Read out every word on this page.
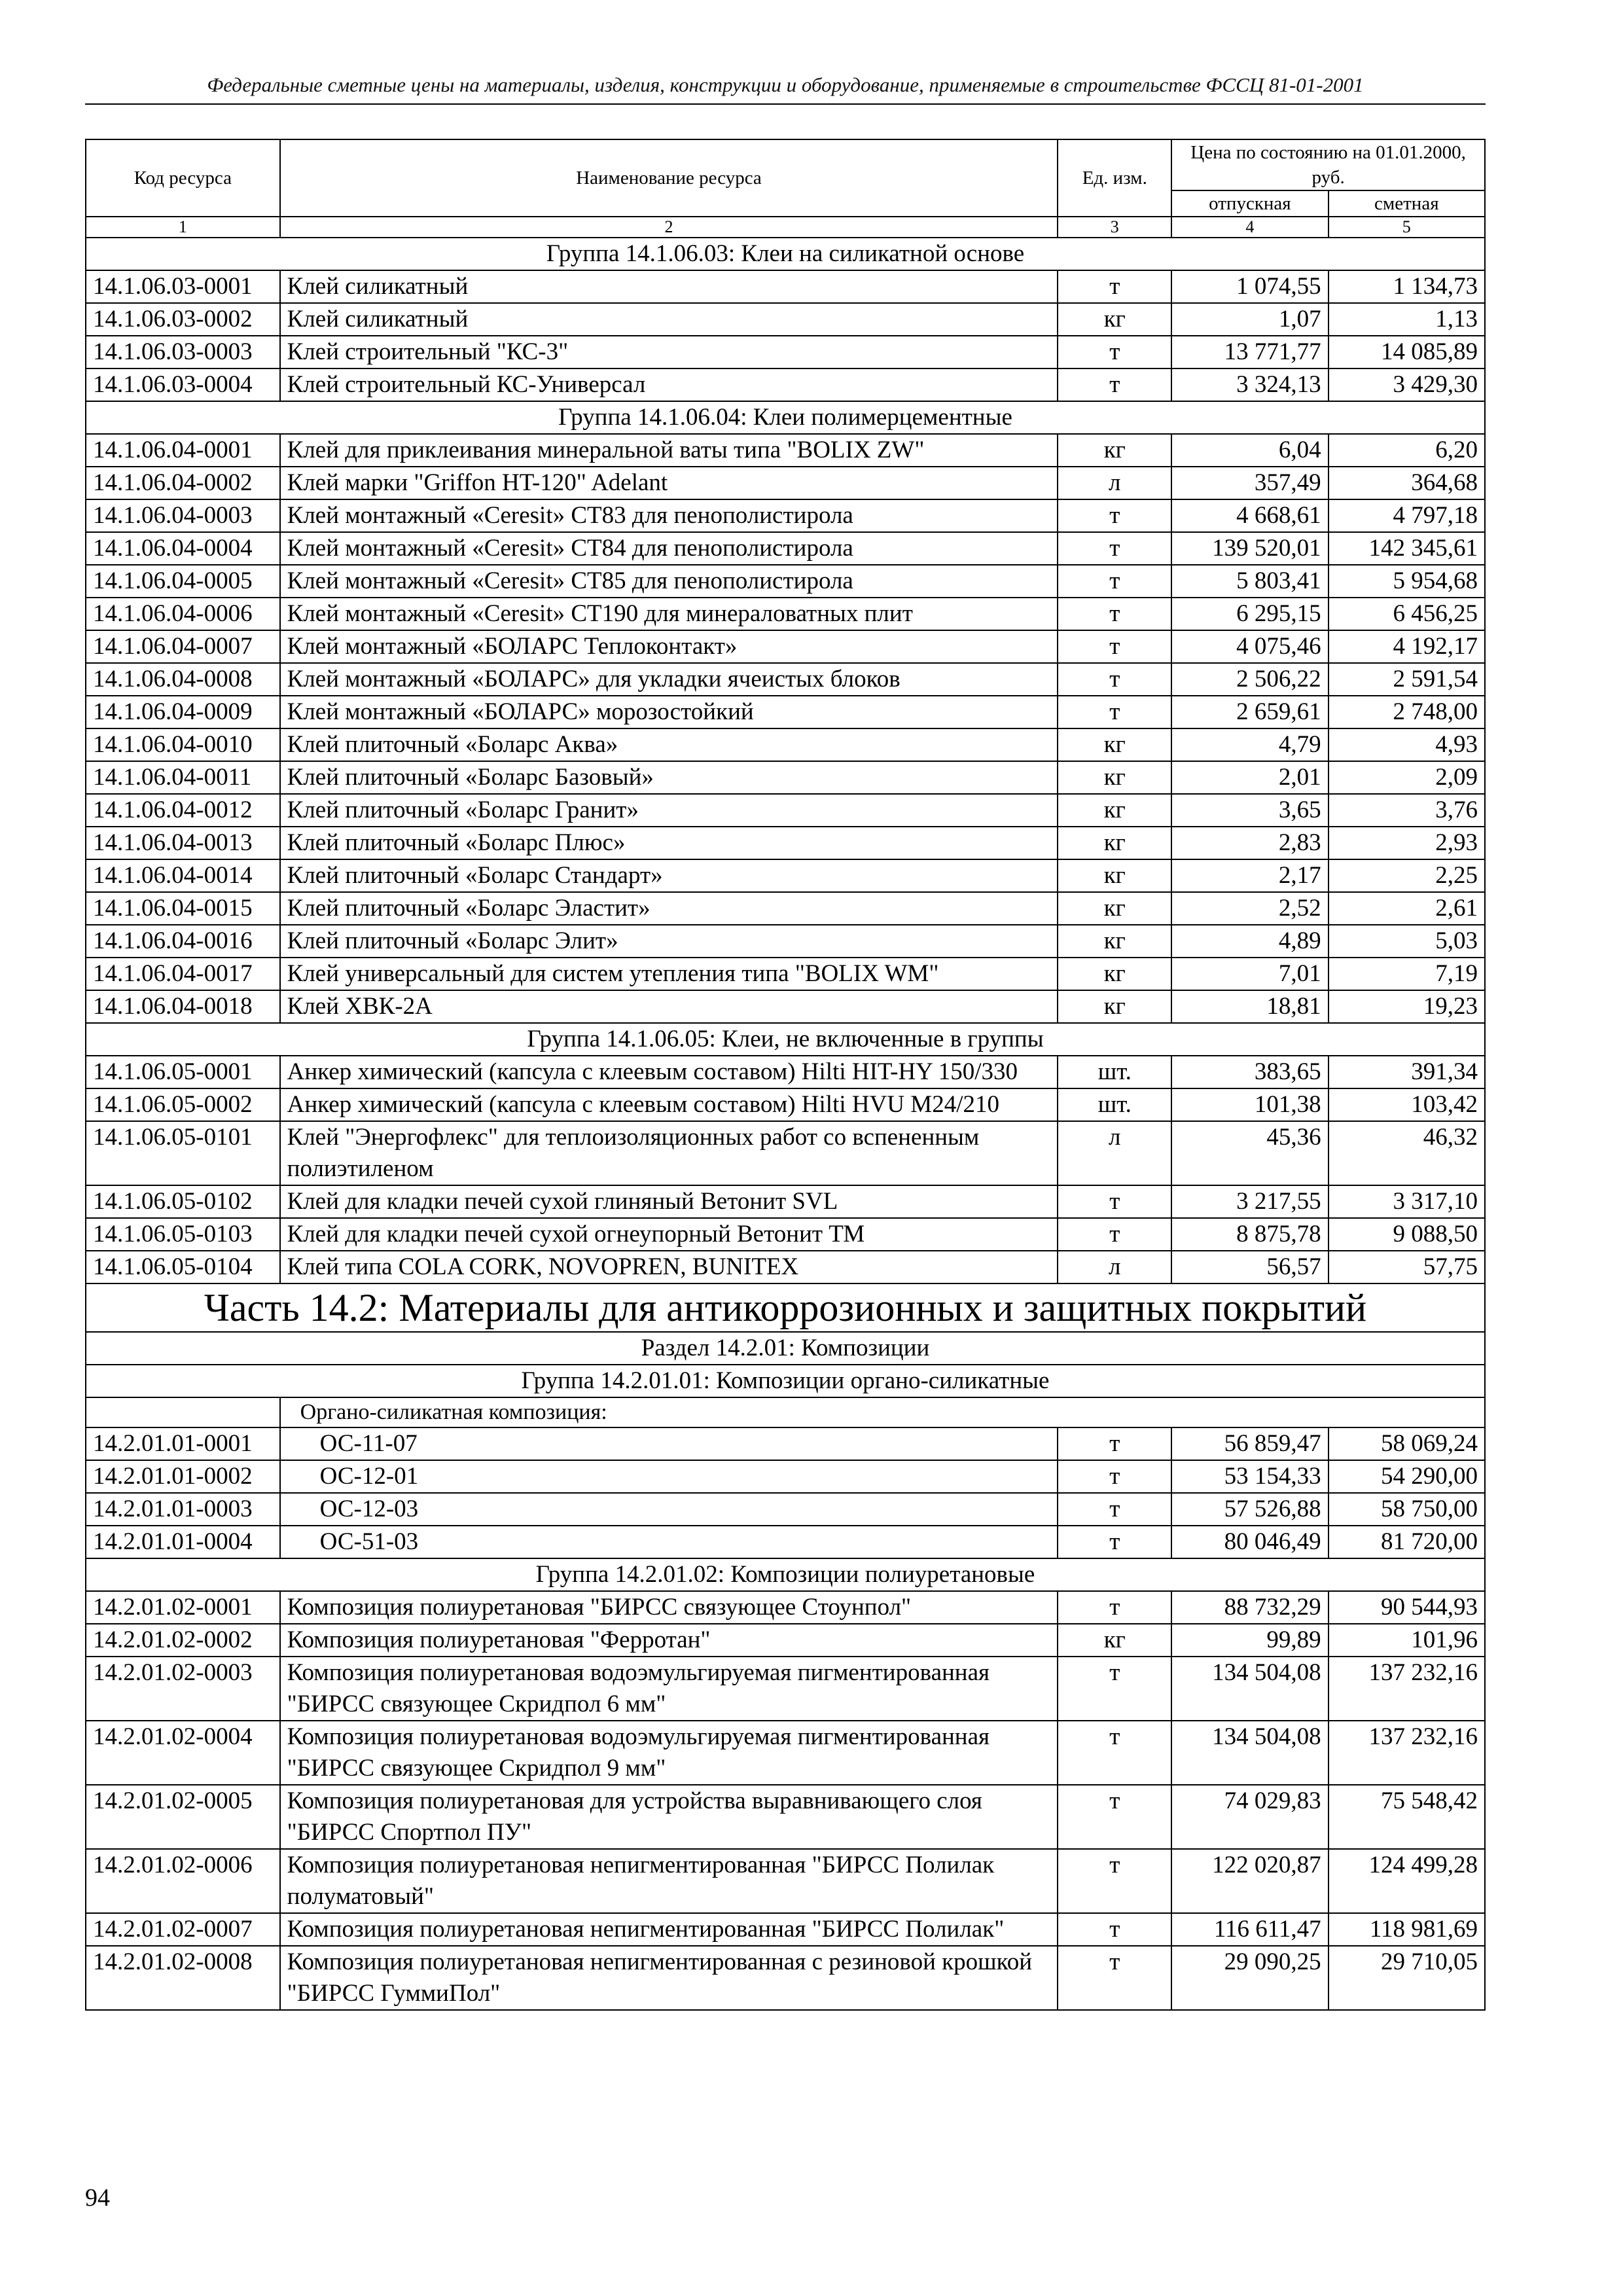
Федеральные сметные цены на материалы, изделия, конструкции и оборудование, применяемые в строительстве ФССЦ 81-01-2001
Код ресурса	Наименование ресурса	Ед. изм.	Цена по состоянию на 01.01.2000, руб.	
			отпускная	сметная
1	2	3	4	5
Группа 14.1.06.03: Клеи на силикатной основе				
14.1.06.03-0001	Клей силикатный	т	1 074,55	1 134,73
14.1.06.03-0002	Клей силикатный	кг	1,07	1,13
14.1.06.03-0003	Клей строительный "КС-3"	т	13 771,77	14 085,89
14.1.06.03-0004	Клей строительный КС-Универсал	т	3 324,13	3 429,30
Группа 14.1.06.04: Клеи полимерцементные				
14.1.06.04-0001	Клей для приклеивания минеральной ваты типа "BOLIX ZW"	кг	6,04	6,20
14.1.06.04-0002	Клей марки "Griffon HT-120" Adelant	л	357,49	364,68
14.1.06.04-0003	Клей монтажный «Ceresit» CT83 для пенополистирола	т	4 668,61	4 797,18
14.1.06.04-0004	Клей монтажный «Ceresit» CT84 для пенополистирола	т	139 520,01	142 345,61
14.1.06.04-0005	Клей монтажный «Ceresit» CT85 для пенополистирола	т	5 803,41	5 954,68
14.1.06.04-0006	Клей монтажный «Ceresit» CT190 для минераловатных плит	т	6 295,15	6 456,25
14.1.06.04-0007	Клей монтажный «БОЛАРС Теплоконтакт»	т	4 075,46	4 192,17
14.1.06.04-0008	Клей монтажный «БОЛАРС» для укладки ячеистых блоков	т	2 506,22	2 591,54
14.1.06.04-0009	Клей монтажный «БОЛАРС» морозостойкий	т	2 659,61	2 748,00
14.1.06.04-0010	Клей плиточный «Боларс Аква»	кг	4,79	4,93
14.1.06.04-0011	Клей плиточный «Боларс Базовый»	кг	2,01	2,09
14.1.06.04-0012	Клей плиточный «Боларс Гранит»	кг	3,65	3,76
14.1.06.04-0013	Клей плиточный «Боларс Плюс»	кг	2,83	2,93
14.1.06.04-0014	Клей плиточный «Боларс Стандарт»	кг	2,17	2,25
14.1.06.04-0015	Клей плиточный «Боларс Эластит»	кг	2,52	2,61
14.1.06.04-0016	Клей плиточный «Боларс Элит»	кг	4,89	5,03
14.1.06.04-0017	Клей универсальный для систем утепления типа "BOLIX WM"	кг	7,01	7,19
14.1.06.04-0018	Клей ХВК-2А	кг	18,81	19,23
Группа 14.1.06.05: Клеи, не включенные в группы				
14.1.06.05-0001	Анкер химический (капсула с клеевым составом) Hilti HIT-HY 150/330	шт.	383,65	391,34
14.1.06.05-0002	Анкер химический (капсула с клеевым составом) Hilti HVU M24/210	шт.	101,38	103,42
14.1.06.05-0101	Клей "Энергофлекс" для теплоизоляционных работ со вспененным полиэтиленом	л	45,36	46,32
14.1.06.05-0102	Клей для кладки печей сухой глиняный Ветонит SVL	т	3 217,55	3 317,10
14.1.06.05-0103	Клей для кладки печей сухой огнеупорный Ветонит ТМ	т	8 875,78	9 088,50
14.1.06.05-0104	Клей типа COLA CORK, NOVOPREN, BUNITEX	л	56,57	57,75
Часть 14.2: Материалы для антикоррозионных и защитных покрытий				
Раздел 14.2.01: Композиции				
Группа 14.2.01.01: Композиции органо-силикатные				
	Органо-силикатная композиция:			
14.2.01.01-0001	ОС-11-07	т	56 859,47	58 069,24
14.2.01.01-0002	ОС-12-01	т	53 154,33	54 290,00
14.2.01.01-0003	ОС-12-03	т	57 526,88	58 750,00
14.2.01.01-0004	ОС-51-03	т	80 046,49	81 720,00
Группа 14.2.01.02: Композиции полиуретановые				
14.2.01.02-0001	Композиция полиуретановая "БИРСС связующее Стоунпол"	т	88 732,29	90 544,93
14.2.01.02-0002	Композиция полиуретановая "Ферротан"	кг	99,89	101,96
14.2.01.02-0003	Композиция полиуретановая водоэмульгируемая пигментированная "БИРСС связующее Скридпол 6 мм"	т	134 504,08	137 232,16
14.2.01.02-0004	Композиция полиуретановая водоэмульгируемая пигментированная "БИРСС связующее Скридпол 9 мм"	т	134 504,08	137 232,16
14.2.01.02-0005	Композиция полиуретановая для устройства выравнивающего слоя "БИРСС Спортпол ПУ"	т	74 029,83	75 548,42
14.2.01.02-0006	Композиция полиуретановая непигментированная "БИРСС Полилак полуматовый"	т	122 020,87	124 499,28
14.2.01.02-0007	Композиция полиуретановая непигментированная "БИРСС Полилак"	т	116 611,47	118 981,69
14.2.01.02-0008	Композиция полиуретановая непигментированная с резиновой крошкой "БИРСС ГуммиПол"	т	29 090,25	29 710,05
94
